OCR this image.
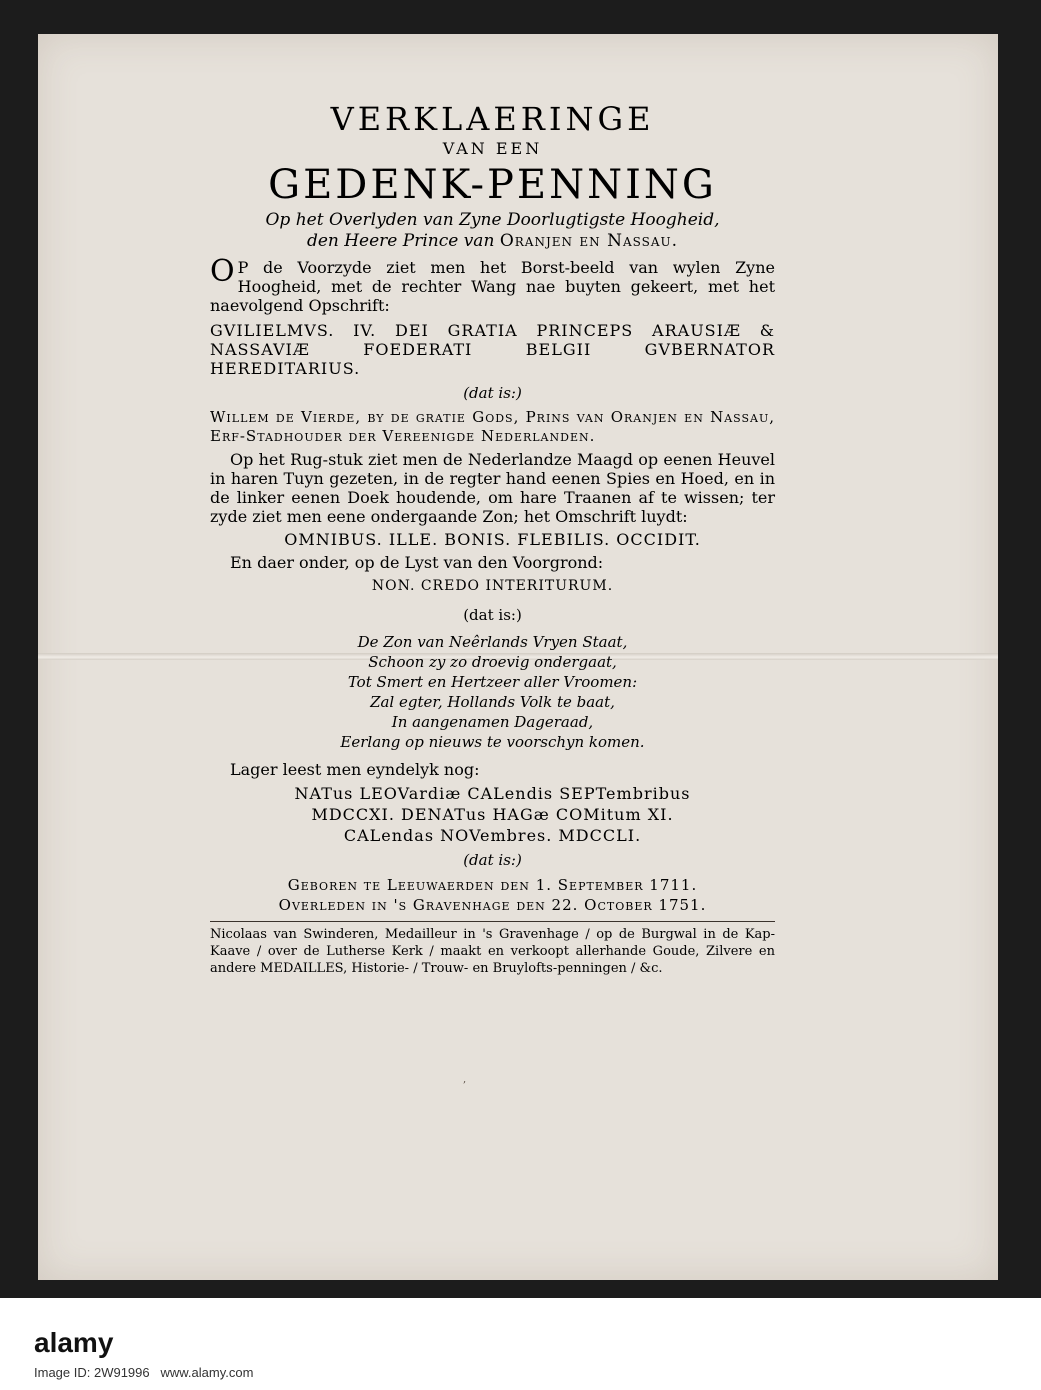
,
VERKLAERINGE
VAN EEN
GEDENK-PENNING
Op het Overlyden van Zyne Doorlugtigste Hoogheid,
den Heere Prince van Oranjen en Nassau.
OP de Voorzyde ziet men het Borst-beeld van wylen Zyne Hoogheid, met de rechter Wang nae buyten gekeert, met het naevolgend Opschrift:
GVILIELMVS. IV. DEI GRATIA PRINCEPS ARAUSIÆ & NASSAVIÆ FOEDERATI BELGII GVBERNATOR HEREDITARIUS.
(dat is:)
Willem de Vierde, by de gratie Gods, Prins van Oranjen en Nassau, Erf-Stadhouder der Vereenigde Nederlanden.
Op het Rug-stuk ziet men de Nederlandze Maagd op eenen Heuvel in haren Tuyn gezeten, in de regter hand eenen Spies en Hoed, en in de linker eenen Doek houdende, om hare Traanen af te wissen; ter zyde ziet men eene ondergaande Zon; het Omschrift luydt:
OMNIBUS. ILLE. BONIS. FLEBILIS. OCCIDIT.
En daer onder, op de Lyst van den Voorgrond:
NON. CREDO INTERITURUM.
(dat is:)
De Zon van Neêrlands Vryen Staat,
Schoon zy zo droevig ondergaat,
Tot Smert en Hertzeer aller Vroomen:
Zal egter, Hollands Volk te baat,
In aangenamen Dageraad,
Eerlang op nieuws te voorschyn komen.
Lager leest men eyndelyk nog:
NATus LEOVardiæ CALendis SEPTembribus
MDCCXI. DENATus HAGæ COMitum XI.
CALendas NOVembres. MDCCLI.
(dat is:)
Geboren te Leeuwaerden den 1. September 1711.
Overleden in 's Gravenhage den 22. October 1751.
Nicolaas van Swinderen, Medailleur in 's Gravenhage / op de Burgwal in de Kap-Kaave / over de Lutherse Kerk / maakt en verkoopt allerhande Goude, Zilvere en andere MEDAILLES, Historie- / Trouw- en Bruylofts-penningen / &c.
alamy
Image ID: 2W91996 www.alamy.com
